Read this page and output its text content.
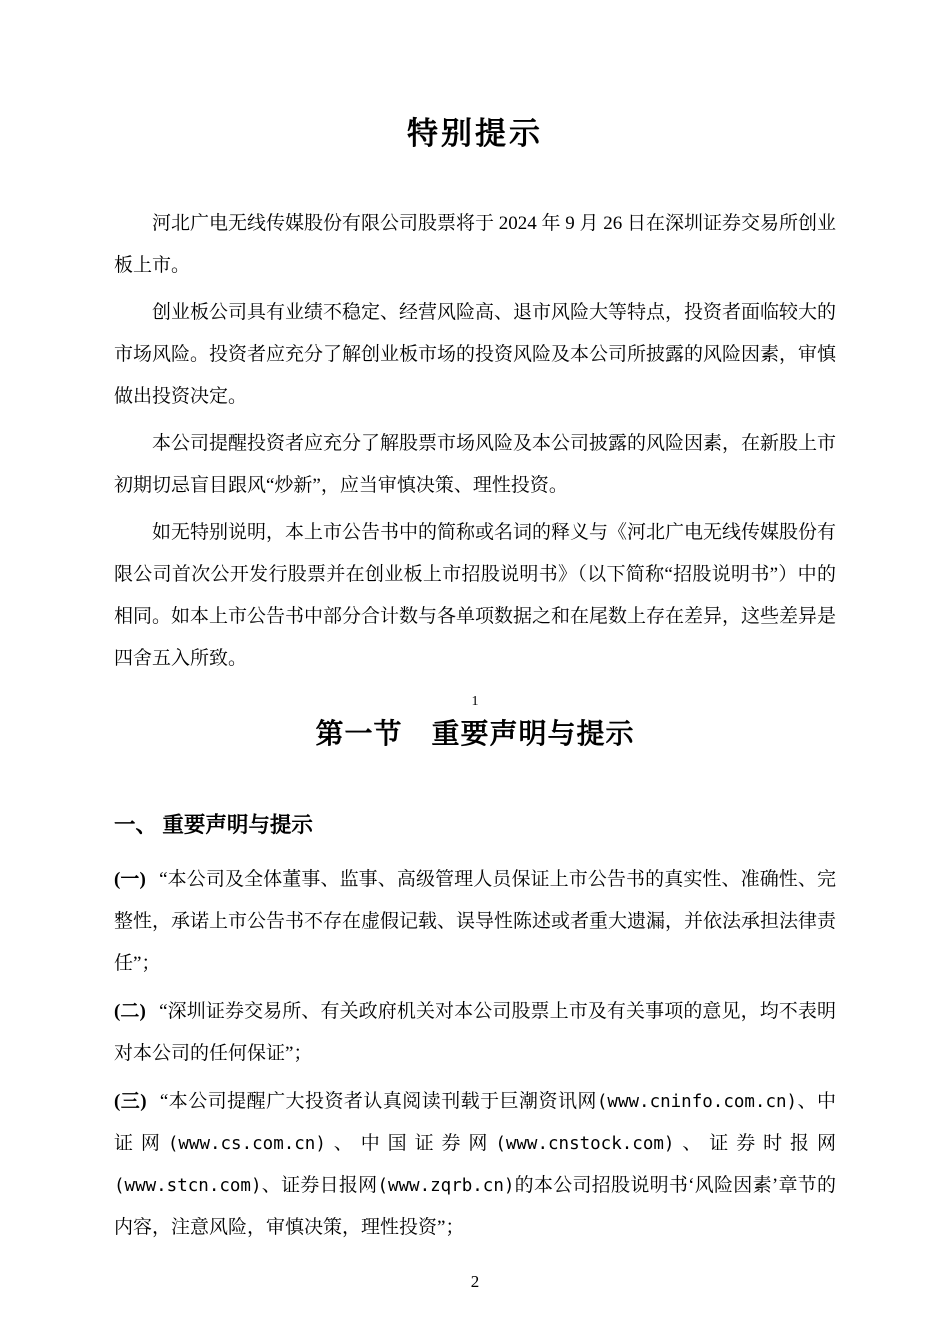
特别提示

河北广电无线传媒股份有限公司股票将于 2024 年 9 月 26 日在深圳证券交易所创业板上市。

创业板公司具有业绩不稳定、经营风险高、退市风险大等特点，投资者面临较大的市场风险。投资者应充分了解创业板市场的投资风险及本公司所披露的风险因素，审慎做出投资决定。

本公司提醒投资者应充分了解股票市场风险及本公司披露的风险因素，在新股上市初期切忌盲目跟风“炒新”，应当审慎决策、理性投资。

如无特别说明，本上市公告书中的简称或名词的释义与《河北广电无线传媒股份有限公司首次公开发行股票并在创业板上市招股说明书》（以下简称“招股说明书”）中的相同。如本上市公告书中部分合计数与各单项数据之和在尾数上存在差异，这些差异是四舍五入所致。

1
第一节　重要声明与提示
一、 重要声明与提示

(一) “本公司及全体董事、监事、高级管理人员保证上市公告书的真实性、准确性、完整性，承诺上市公告书不存在虚假记载、误导性陈述或者重大遗漏，并依法承担法律责任”；

(二) “深圳证券交易所、有关政府机关对本公司股票上市及有关事项的意见，均不表明对本公司的任何保证”；

(三) “本公司提醒广大投资者认真阅读刊载于巨潮资讯网(www.cninfo.com.cn)、中证网(www.cs.com.cn)、中国证券网(www.cnstock.com)、证券时报网(www.stcn.com)、证券日报网(www.zqrb.cn)的本公司招股说明书‘风险因素’章节的内容，注意风险，审慎决策，理性投资”；

2
